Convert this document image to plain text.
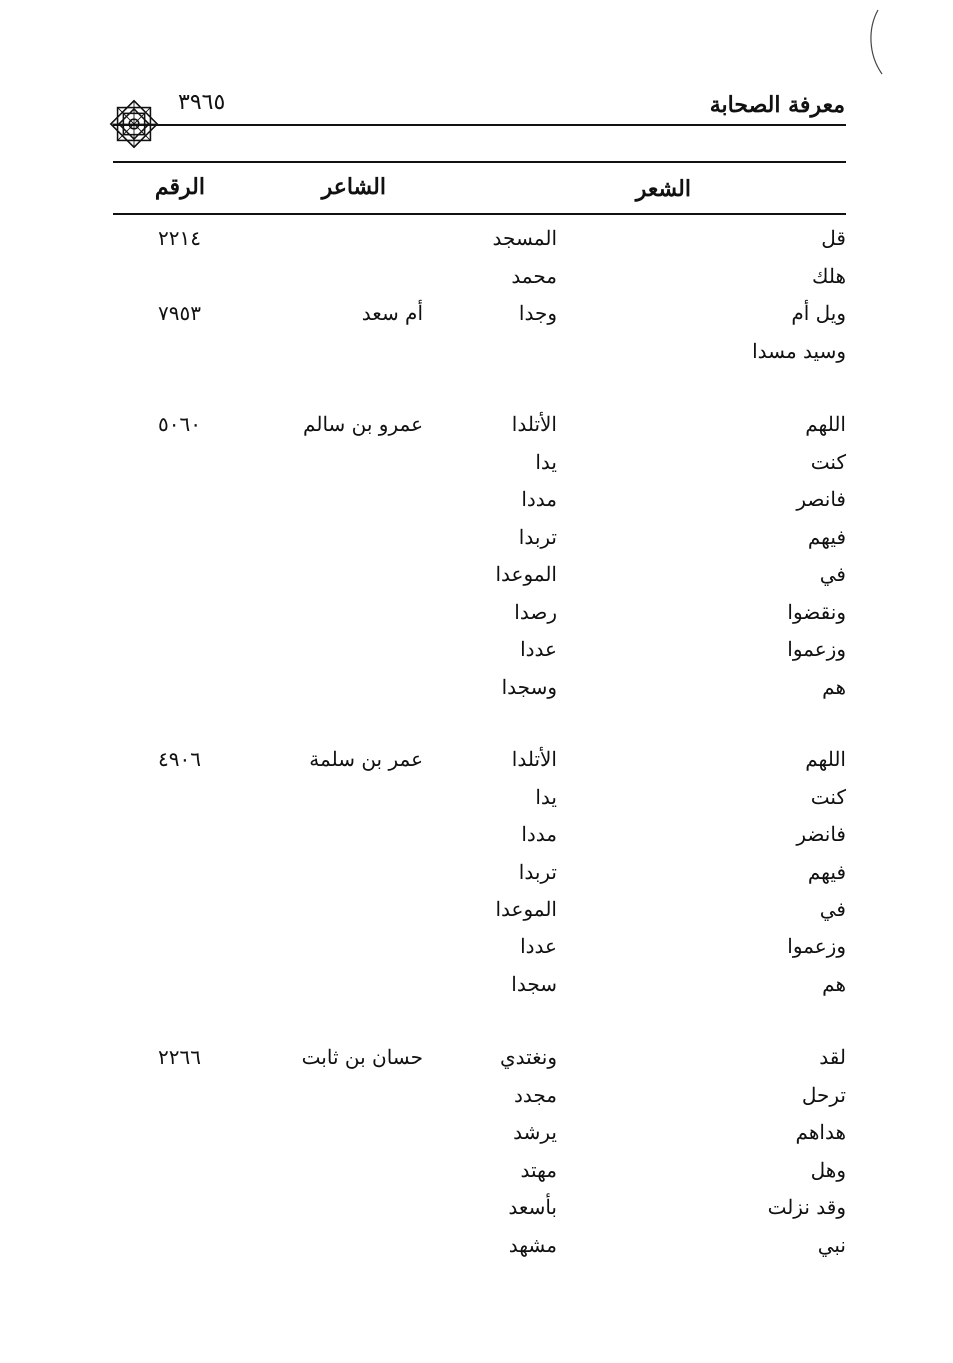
معرفة الصحابة
٣٩٦٥
الشعر
الشاعر
الرقم
قل
المسجد
٢٢١٤
هلك
محمد
ويل أم
وجدا
أم سعد
٧٩٥٣
وسيد مسدا
اللهم
الأتلدا
عمرو بن سالم
٥٠٦٠
كنت
يدا
فانصر
مددا
فيهم
تربدا
في
الموعدا
ونقضوا
رصدا
وزعموا
عددا
هم
وسجدا
اللهم
الأتلدا
عمر بن سلمة
٤٩٠٦
كنت
يدا
فانضر
مددا
فيهم
تربدا
في
الموعدا
وزعموا
عددا
هم
سجدا
لقد
ونغتدي
حسان بن ثابت
٢٢٦٦
ترحل
مجدد
هداهم
يرشد
وهل
مهتد
وقد نزلت
بأسعد
نبي
مشهد
